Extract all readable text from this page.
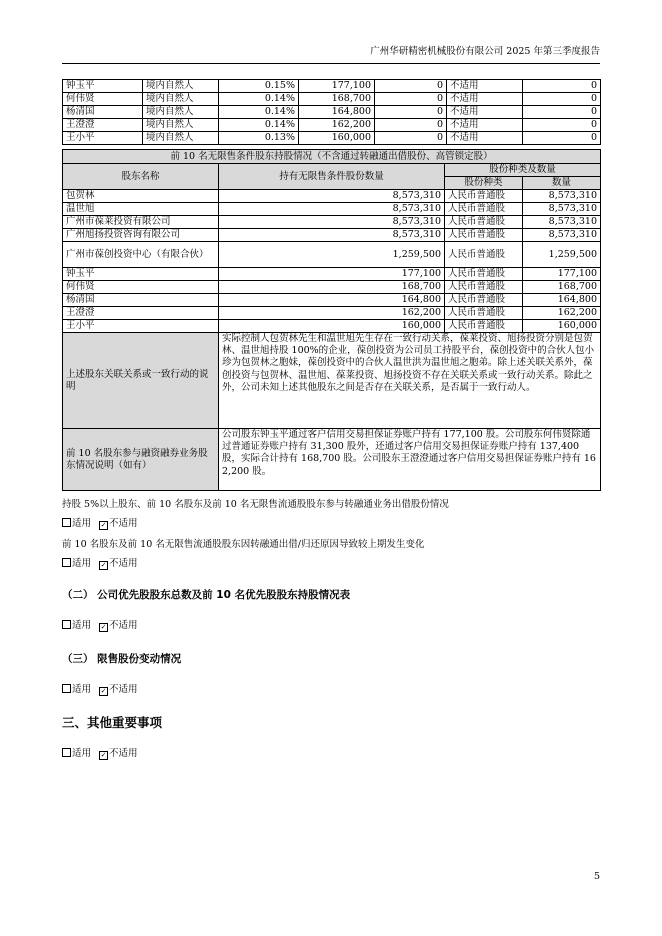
广州华研精密机械股份有限公司 2025 年第三季度报告
钟玉平	境内自然人	0.15%	177,100	0	不适用	0
何伟贤	境内自然人	0.14%	168,700	0	不适用	0
杨清国	境内自然人	0.14%	164,800	0	不适用	0
王澄澄	境内自然人	0.14%	162,200	0	不适用	0
王小平	境内自然人	0.13%	160,000	0	不适用	0
前 10 名无限售条件股东持股情况（不含通过转融通出借股份、高管锁定股）			
股东名称	持有无限售条件股份数量	股份种类及数量	
		股份种类	数量
包贺林	8,573,310	人民币普通股	8,573,310
温世旭	8,573,310	人民币普通股	8,573,310
广州市葆莱投资有限公司	8,573,310	人民币普通股	8,573,310
广州旭扬投资咨询有限公司	8,573,310	人民币普通股	8,573,310
广州市葆创投资中心（有限合伙）	1,259,500	人民币普通股	1,259,500
钟玉平	177,100	人民币普通股	177,100
何伟贤	168,700	人民币普通股	168,700
杨清国	164,800	人民币普通股	164,800
王澄澄	162,200	人民币普通股	162,200
王小平	160,000	人民币普通股	160,000
上述股东关联关系或一致行动的说明	实际控制人包贺林先生和温世旭先生存在一致行动关系，葆莱投资、旭扬投资分别是包贺林、温世旭持股 100%的企业，葆创投资为公司员工持股平台，葆创投资中的合伙人包小珍为包贺林之胞妹，葆创投资中的合伙人温世洪为温世旭之胞弟。除上述关联关系外，葆创投资与包贺林、温世旭、葆莱投资、旭扬投资不存在关联关系或一致行动关系。除此之外，公司未知上述其他股东之间是否存在关联关系，是否属于一致行动人。		
前 10 名股东参与融资融券业务股东情况说明（如有）	公司股东钟玉平通过客户信用交易担保证券账户持有 177,100 股。公司股东何伟贤除通过普通证券账户持有 31,300 股外，还通过客户信用交易担保证券账户持有 137,400 股，实际合计持有 168,700 股。公司股东王澄澄通过客户信用交易担保证券账户持有 162,200 股。		
持股 5%以上股东、前 10 名股东及前 10 名无限售流通股股东参与转融通业务出借股份情况
适用 ✓ 不适用
前 10 名股东及前 10 名无限售流通股股东因转融通出借/归还原因导致较上期发生变化
适用 ✓ 不适用
（二） 公司优先股股东总数及前 10 名优先股股东持股情况表
适用 ✓ 不适用
（三） 限售股份变动情况
适用 ✓ 不适用
三、其他重要事项
适用 ✓ 不适用
5
